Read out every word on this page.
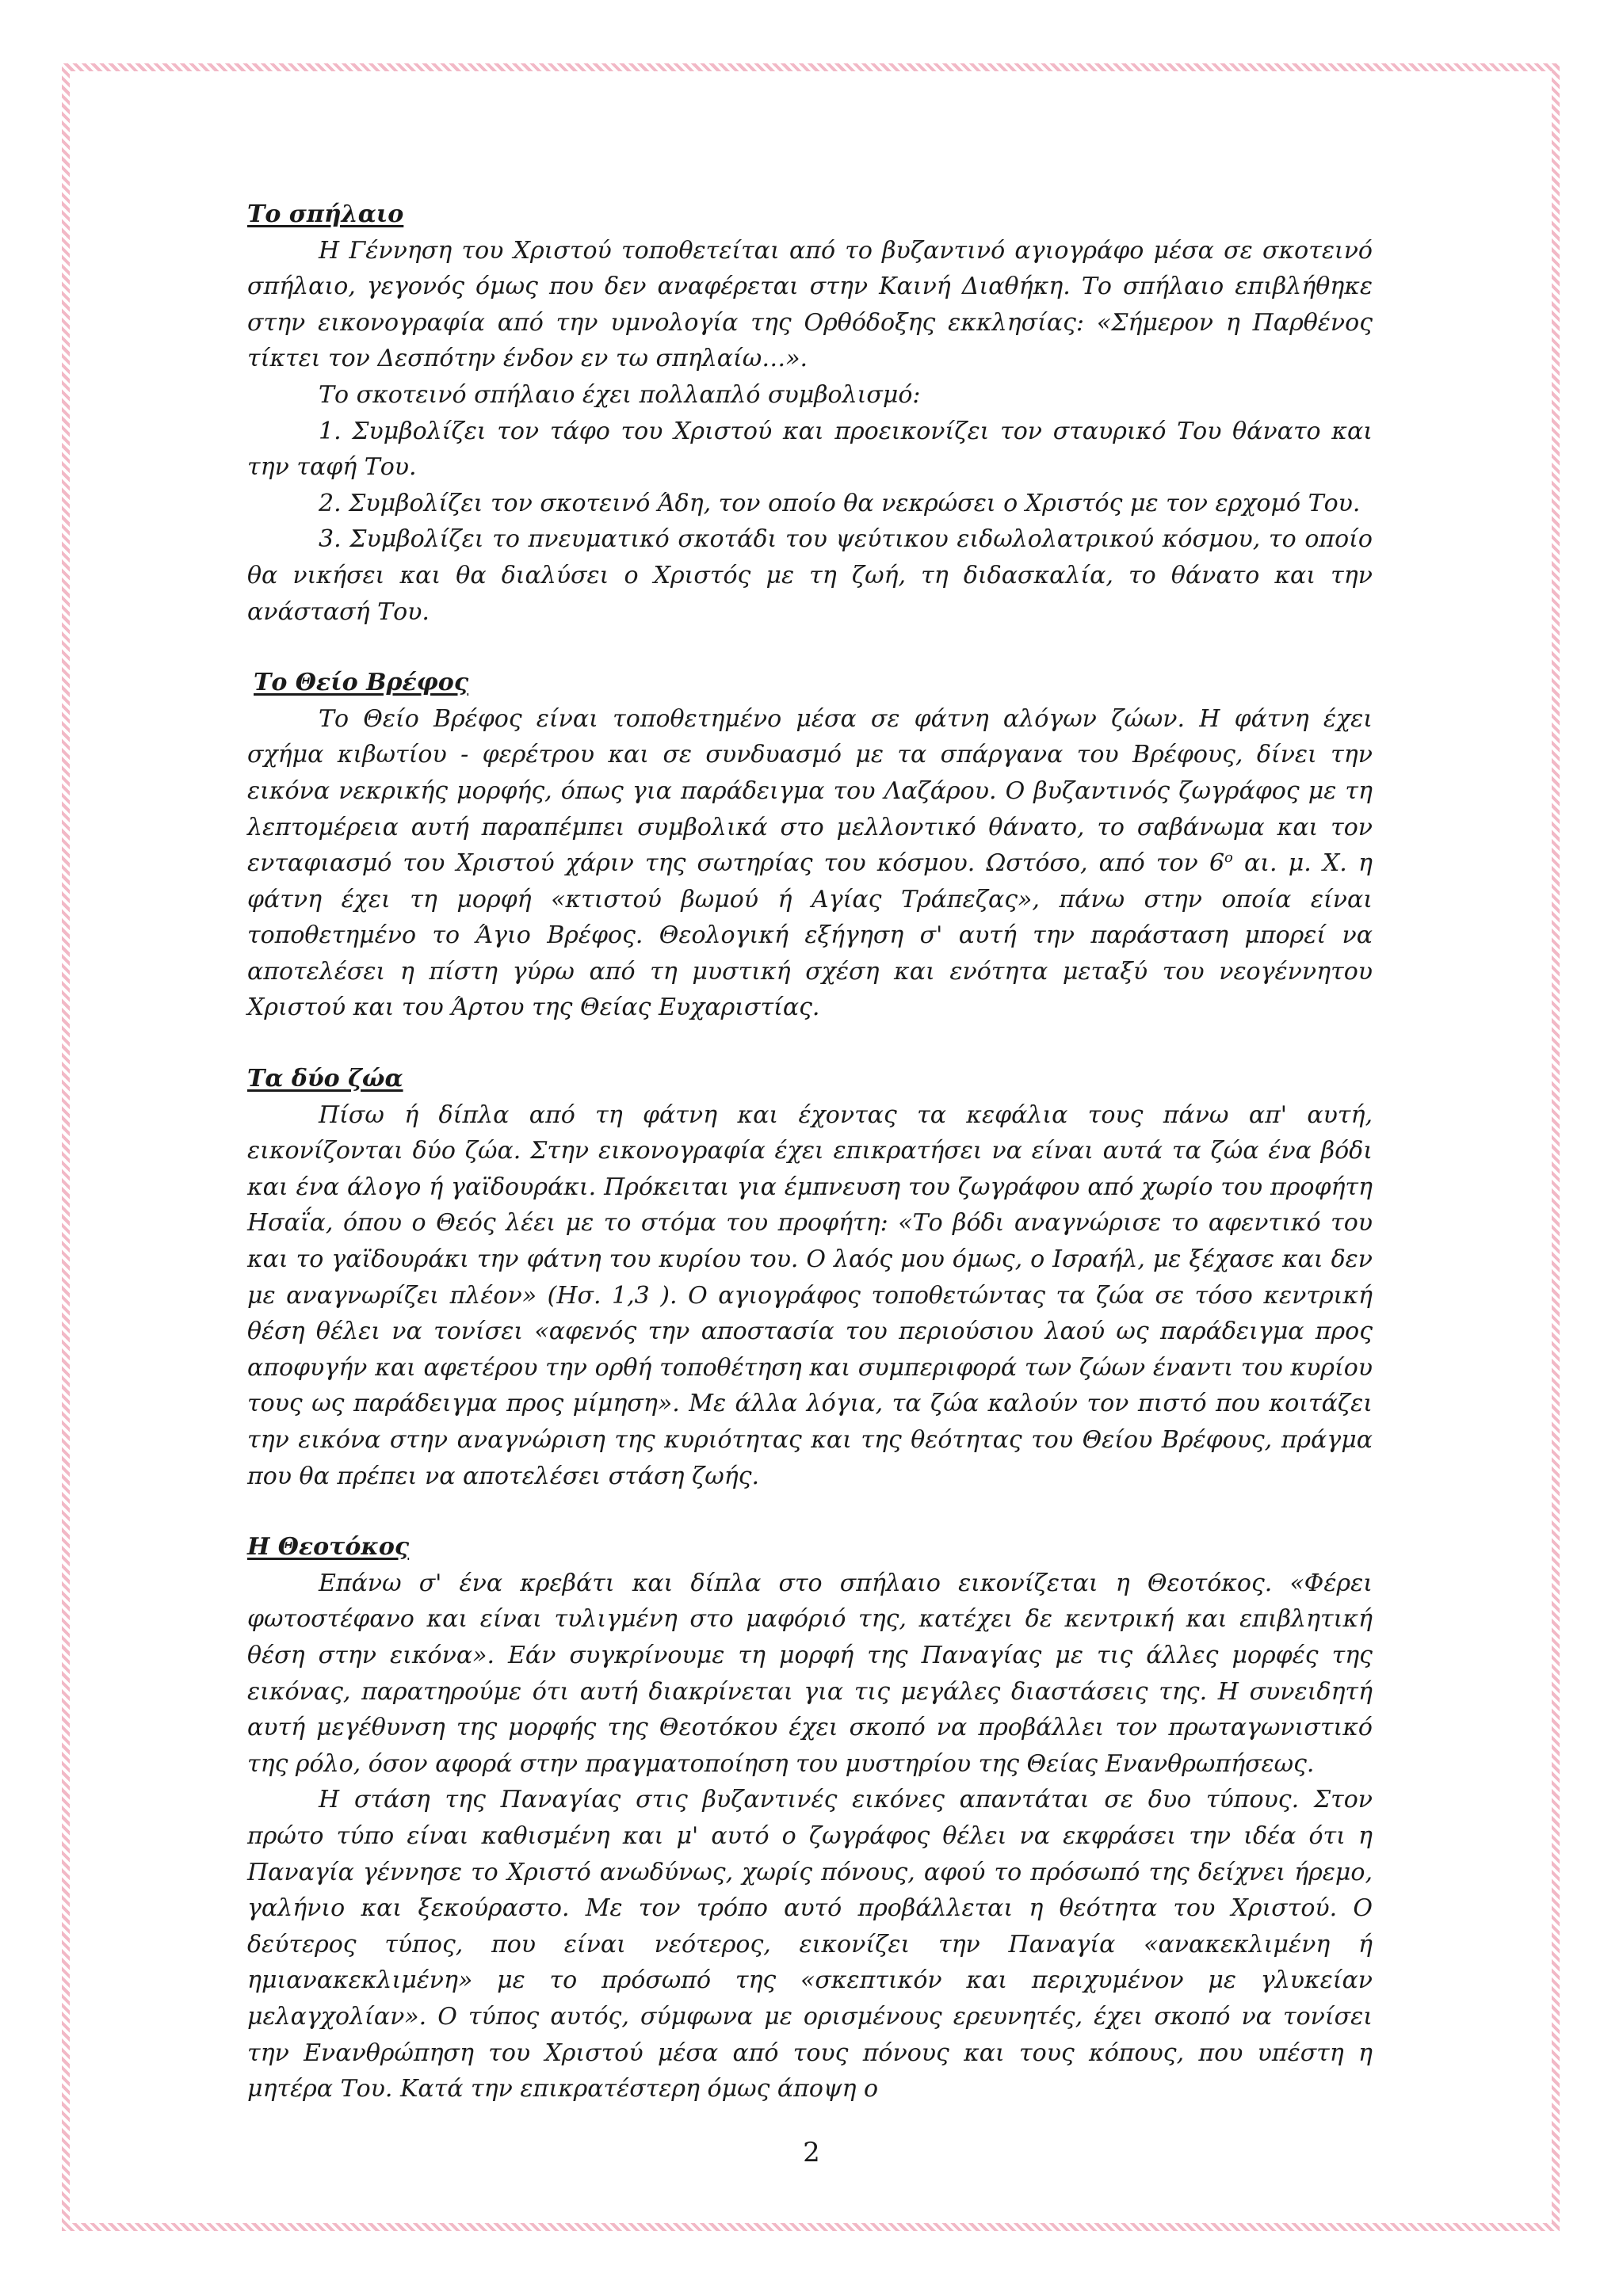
Το σπήλαιο

Η Γέννηση του Χριστού τοποθετείται από το βυζαντινό αγιογράφο μέσα σε σκοτεινό σπήλαιο, γεγονός όμως που δεν αναφέρεται στην Καινή Διαθήκη. Το σπήλαιο επιβλήθηκε στην εικονογραφία από την υμνολογία της Ορθόδοξης εκκλησίας: «Σήμερον η Παρθένος τίκτει τον Δεσπότην ένδον εν τω σπηλαίω…».

Το σκοτεινό σπήλαιο έχει πολλαπλό συμβολισμό:

1. Συμβολίζει τον τάφο του Χριστού και προεικονίζει τον σταυρικό Του θάνατο και την ταφή Του.

2. Συμβολίζει τον σκοτεινό Άδη, τον οποίο θα νεκρώσει ο Χριστός με τον ερχομό Του.

3. Συμβολίζει το πνευματικό σκοτάδι του ψεύτικου ειδωλολατρικού κόσμου, το οποίο θα νικήσει και θα διαλύσει ο Χριστός με τη ζωή, τη διδασκαλία, το θάνατο και την ανάστασή Του.

Το Θείο Βρέφος

Το Θείο Βρέφος είναι τοποθετημένο μέσα σε φάτνη αλόγων ζώων. Η φάτνη έχει σχήμα κιβωτίου - φερέτρου και σε συνδυασμό με τα σπάργανα του Βρέφους, δίνει την εικόνα νεκρικής μορφής, όπως για παράδειγμα του Λαζάρου. Ο βυζαντινός ζωγράφος με τη λεπτομέρεια αυτή παραπέμπει συμβολικά στο μελλοντικό θάνατο, το σαβάνωμα και τον ενταφιασμό του Χριστού χάριν της σωτηρίας του κόσμου. Ωστόσο, από τον $6^o$ αι. μ. Χ. η φάτνη έχει τη μορφή «κτιστού βωμού ή Αγίας Τράπεζας», πάνω στην οποία είναι τοποθετημένο το Άγιο Βρέφος. Θεολογική εξήγηση σ' αυτή την παράσταση μπορεί να αποτελέσει η πίστη γύρω από τη μυστική σχέση και ενότητα μεταξύ του νεογέννητου Χριστού και του Άρτου της Θείας Ευχαριστίας.

Τα δύο ζώα

Πίσω ή δίπλα από τη φάτνη και έχοντας τα κεφάλια τους πάνω απ' αυτή, εικονίζονται δύο ζώα. Στην εικονογραφία έχει επικρατήσει να είναι αυτά τα ζώα ένα βόδι και ένα άλογο ή γαϊδουράκι. Πρόκειται για έμπνευση του ζωγράφου από χωρίο του προφήτη Ησαΐα, όπου ο Θεός λέει με το στόμα του προφήτη: «Το βόδι αναγνώρισε το αφεντικό του και το γαϊδουράκι την φάτνη του κυρίου του. Ο λαός μου όμως, ο Ισραήλ, με ξέχασε και δεν με αναγνωρίζει πλέον» (Ησ. 1,3 ). Ο αγιογράφος τοποθετώντας τα ζώα σε τόσο κεντρική θέση θέλει να τονίσει «αφενός την αποστασία του περιούσιου λαού ως παράδειγμα προς αποφυγήν και αφετέρου την ορθή τοποθέτηση και συμπεριφορά των ζώων έναντι του κυρίου τους ως παράδειγμα προς μίμηση». Με άλλα λόγια, τα ζώα καλούν τον πιστό που κοιτάζει την εικόνα στην αναγνώριση της κυριότητας και της θεότητας του Θείου Βρέφους, πράγμα που θα πρέπει να αποτελέσει στάση ζωής.

Η Θεοτόκος

Επάνω σ' ένα κρεβάτι και δίπλα στο σπήλαιο εικονίζεται η Θεοτόκος. «Φέρει φωτοστέφανο και είναι τυλιγμένη στο μαφόριό της, κατέχει δε κεντρική και επιβλητική θέση στην εικόνα». Εάν συγκρίνουμε τη μορφή της Παναγίας με τις άλλες μορφές της εικόνας, παρατηρούμε ότι αυτή διακρίνεται για τις μεγάλες διαστάσεις της. Η συνειδητή αυτή μεγέθυνση της μορφής της Θεοτόκου έχει σκοπό να προβάλλει τον πρωταγωνιστικό της ρόλο, όσον αφορά στην πραγματοποίηση του μυστηρίου της Θείας Ενανθρωπήσεως.

Η στάση της Παναγίας στις βυζαντινές εικόνες απαντάται σε δυο τύπους. Στον πρώτο τύπο είναι καθισμένη και μ' αυτό ο ζωγράφος θέλει να εκφράσει την ιδέα ότι η Παναγία γέννησε το Χριστό ανωδύνως, χωρίς πόνους, αφού το πρόσωπό της δείχνει ήρεμο, γαλήνιο και ξεκούραστο. Με τον τρόπο αυτό προβάλλεται η θεότητα του Χριστού. Ο δεύτερος τύπος, που είναι νεότερος, εικονίζει την Παναγία «ανακεκλιμένη ή ημιανακεκλιμένη» με το πρόσωπό της «σκεπτικόν και περιχυμένον με γλυκείαν μελαγχολίαν». Ο τύπος αυτός, σύμφωνα με ορισμένους ερευνητές, έχει σκοπό να τονίσει την Ενανθρώπηση του Χριστού μέσα από τους πόνους και τους κόπους, που υπέστη η μητέρα Του. Κατά την επικρατέστερη όμως άποψη ο

2
